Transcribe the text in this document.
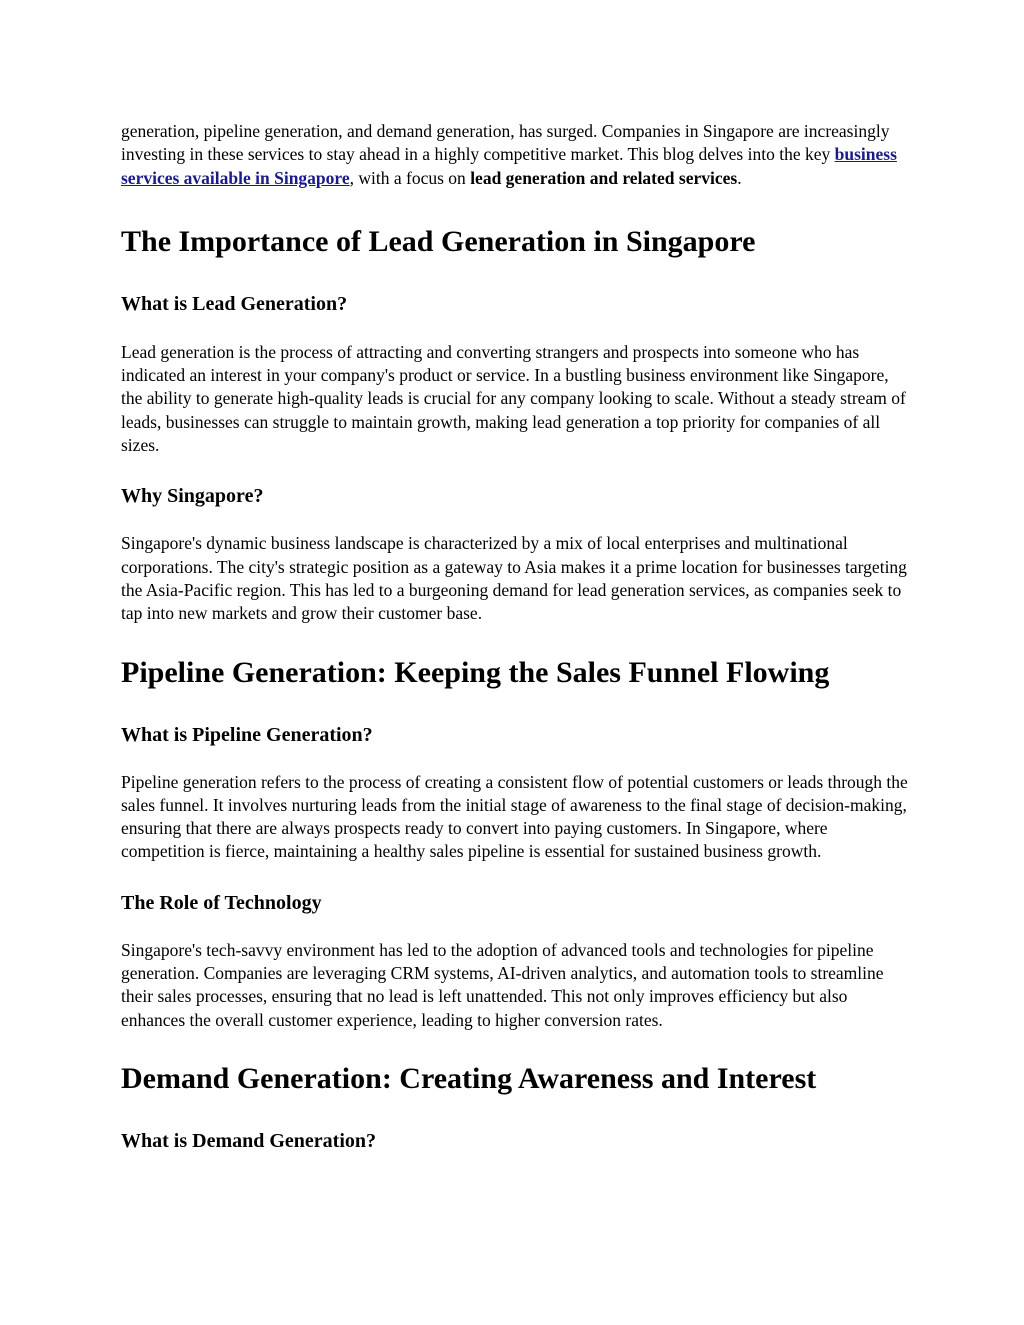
generation, pipeline generation, and demand generation, has surged. Companies in Singapore are increasingly investing in these services to stay ahead in a highly competitive market. This blog delves into the key business services available in Singapore, with a focus on lead generation and related services.

The Importance of Lead Generation in Singapore
What is Lead Generation?

Lead generation is the process of attracting and converting strangers and prospects into someone who has indicated an interest in your company's product or service. In a bustling business environment like Singapore, the ability to generate high-quality leads is crucial for any company looking to scale. Without a steady stream of leads, businesses can struggle to maintain growth, making lead generation a top priority for companies of all sizes.

Why Singapore?

Singapore's dynamic business landscape is characterized by a mix of local enterprises and multinational corporations. The city's strategic position as a gateway to Asia makes it a prime location for businesses targeting the Asia-Pacific region. This has led to a burgeoning demand for lead generation services, as companies seek to tap into new markets and grow their customer base.

Pipeline Generation: Keeping the Sales Funnel Flowing
What is Pipeline Generation?

Pipeline generation refers to the process of creating a consistent flow of potential customers or leads through the sales funnel. It involves nurturing leads from the initial stage of awareness to the final stage of decision-making, ensuring that there are always prospects ready to convert into paying customers. In Singapore, where competition is fierce, maintaining a healthy sales pipeline is essential for sustained business growth.

The Role of Technology

Singapore's tech-savvy environment has led to the adoption of advanced tools and technologies for pipeline generation. Companies are leveraging CRM systems, AI-driven analytics, and automation tools to streamline their sales processes, ensuring that no lead is left unattended. This not only improves efficiency but also enhances the overall customer experience, leading to higher conversion rates.

Demand Generation: Creating Awareness and Interest
What is Demand Generation?
